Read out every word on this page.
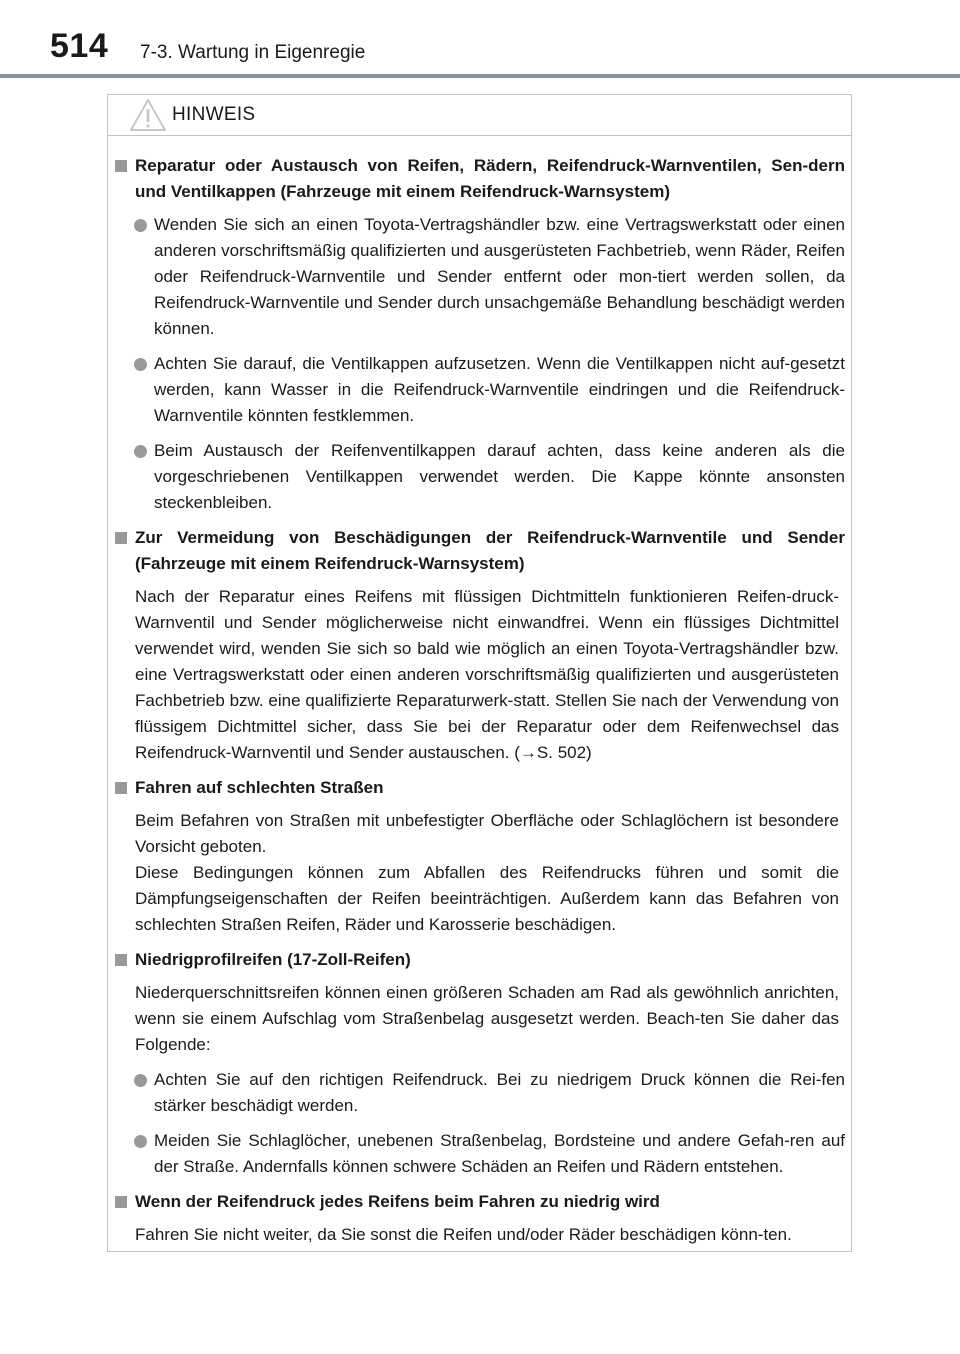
514 7-3. Wartung in Eigenregie
HINWEIS
Reparatur oder Austausch von Reifen, Rädern, Reifendruck-Warnventilen, Sen-dern und Ventilkappen (Fahrzeuge mit einem Reifendruck-Warnsystem)
Wenden Sie sich an einen Toyota-Vertragshändler bzw. eine Vertragswerkstatt oder einen anderen vorschriftsmäßig qualifizierten und ausgerüsteten Fachbetrieb, wenn Räder, Reifen oder Reifendruck-Warnventile und Sender entfernt oder mon-tiert werden sollen, da Reifendruck-Warnventile und Sender durch unsachgemäße Behandlung beschädigt werden können.
Achten Sie darauf, die Ventilkappen aufzusetzen. Wenn die Ventilkappen nicht auf-gesetzt werden, kann Wasser in die Reifendruck-Warnventile eindringen und die Reifendruck-Warnventile könnten festklemmen.
Beim Austausch der Reifenventilkappen darauf achten, dass keine anderen als die vorgeschriebenen Ventilkappen verwendet werden. Die Kappe könnte ansonsten steckenbleiben.
Zur Vermeidung von Beschädigungen der Reifendruck-Warnventile und Sender (Fahrzeuge mit einem Reifendruck-Warnsystem)
Nach der Reparatur eines Reifens mit flüssigen Dichtmitteln funktionieren Reifen-druck-Warnventil und Sender möglicherweise nicht einwandfrei. Wenn ein flüssiges Dichtmittel verwendet wird, wenden Sie sich so bald wie möglich an einen Toyota-Vertragshändler bzw. eine Vertragswerkstatt oder einen anderen vorschriftsmäßig qualifizierten und ausgerüsteten Fachbetrieb bzw. eine qualifizierte Reparaturwerk-statt. Stellen Sie nach der Verwendung von flüssigem Dichtmittel sicher, dass Sie bei der Reparatur oder dem Reifenwechsel das Reifendruck-Warnventil und Sender austauschen. (→S. 502)
Fahren auf schlechten Straßen
Beim Befahren von Straßen mit unbefestigter Oberfläche oder Schlaglöchern ist besondere Vorsicht geboten.
Diese Bedingungen können zum Abfallen des Reifendrucks führen und somit die Dämpfungseigenschaften der Reifen beeinträchtigen. Außerdem kann das Befahren von schlechten Straßen Reifen, Räder und Karosserie beschädigen.
Niedrigprofilreifen (17-Zoll-Reifen)
Niederquerschnittsreifen können einen größeren Schaden am Rad als gewöhnlich anrichten, wenn sie einem Aufschlag vom Straßenbelag ausgesetzt werden. Beach-ten Sie daher das Folgende:
Achten Sie auf den richtigen Reifendruck. Bei zu niedrigem Druck können die Rei-fen stärker beschädigt werden.
Meiden Sie Schlaglöcher, unebenen Straßenbelag, Bordsteine und andere Gefah-ren auf der Straße. Andernfalls können schwere Schäden an Reifen und Rädern entstehen.
Wenn der Reifendruck jedes Reifens beim Fahren zu niedrig wird
Fahren Sie nicht weiter, da Sie sonst die Reifen und/oder Räder beschädigen könn-ten.
